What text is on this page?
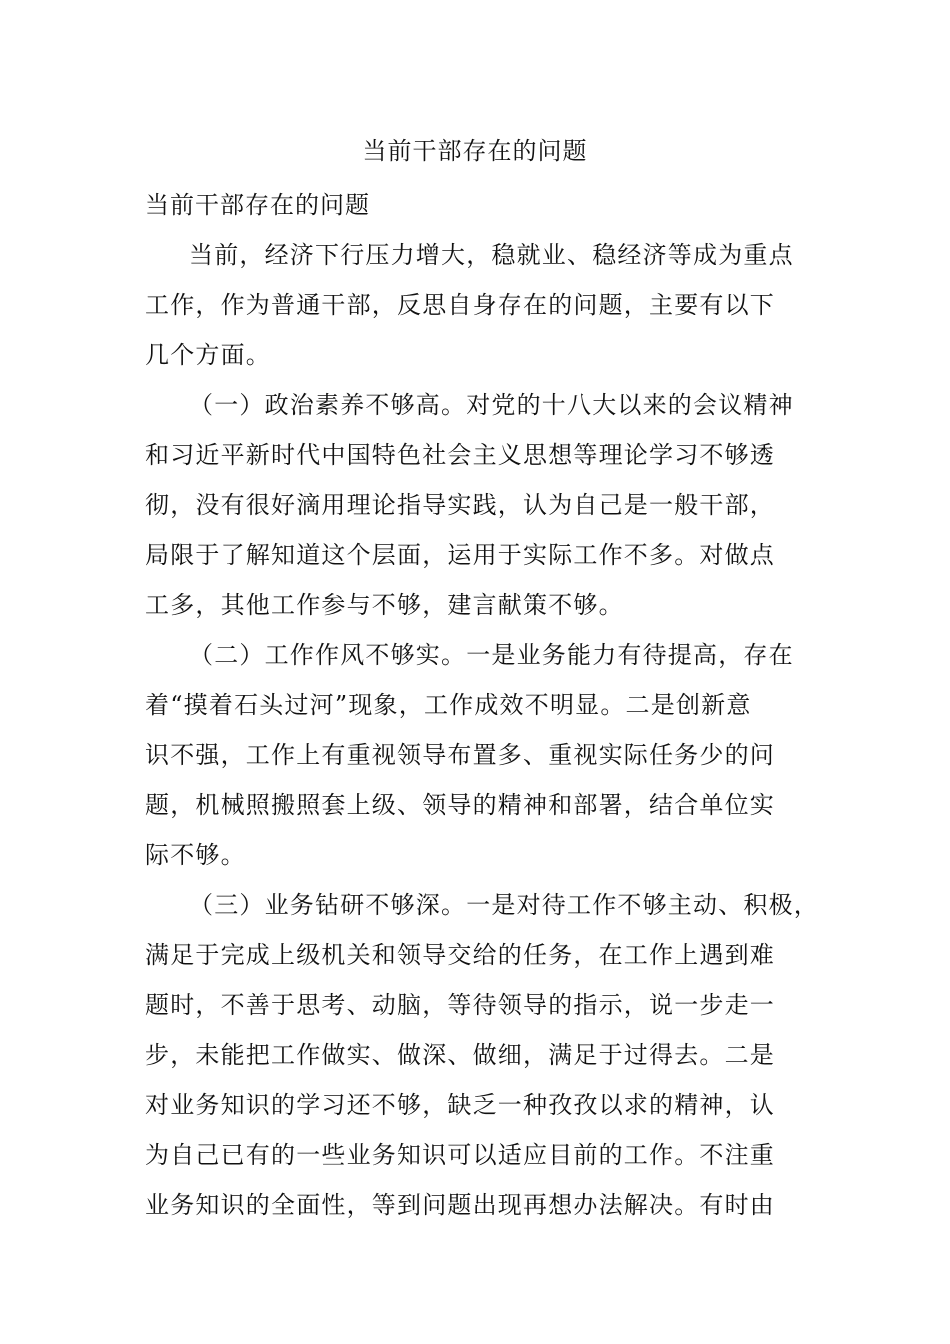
当前干部存在的问题

当前干部存在的问题

当前，经济下行压力增大，稳就业、稳经济等成为重点

工作，作为普通干部，反思自身存在的问题，主要有以下

几个方面。

（一）政治素养不够高。对党的十八大以来的会议精神

和习近平新时代中国特色社会主义思想等理论学习不够透

彻，没有很好滴用理论指导实践，认为自己是一般干部，

局限于了解知道这个层面，运用于实际工作不多。对做点

工多，其他工作参与不够，建言献策不够。

（二）工作作风不够实。一是业务能力有待提高，存在

着“摸着石头过河”现象，工作成效不明显。二是创新意

识不强，工作上有重视领导布置多、重视实际任务少的问

题，机械照搬照套上级、领导的精神和部署，结合单位实

际不够。

（三）业务钻研不够深。一是对待工作不够主动、积极，

满足于完成上级机关和领导交给的任务，在工作上遇到难

题时，不善于思考、动脑，等待领导的指示，说一步走一

步，未能把工作做实、做深、做细，满足于过得去。二是

对业务知识的学习还不够，缺乏一种孜孜以求的精神，认

为自己已有的一些业务知识可以适应目前的工作。不注重

业务知识的全面性，等到问题出现再想办法解决。有时由
